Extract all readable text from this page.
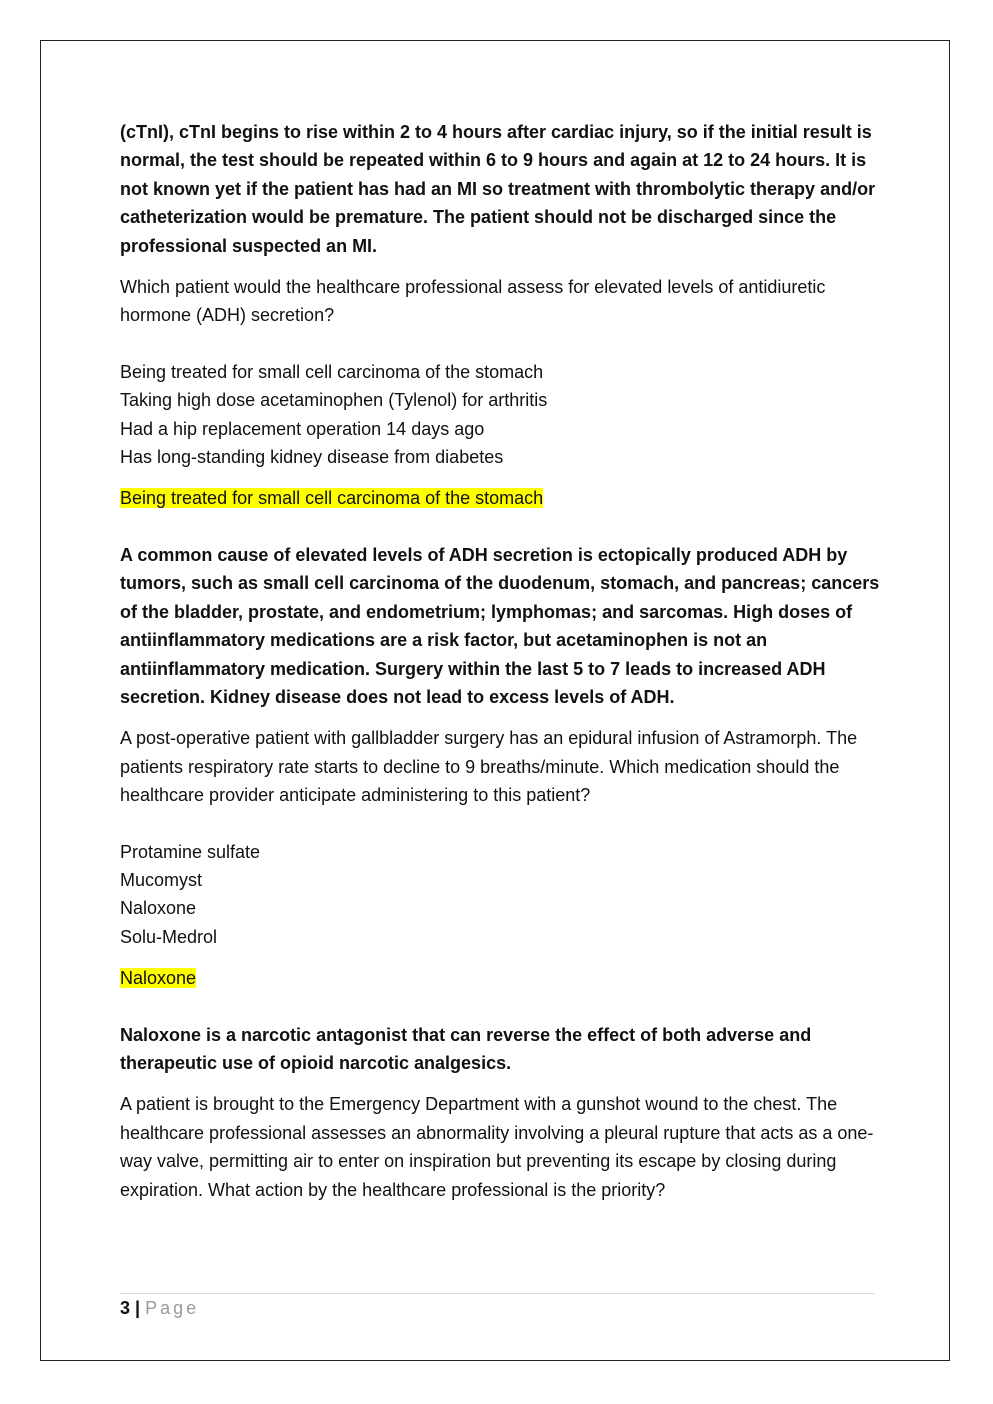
(cTnI), cTnI begins to rise within 2 to 4 hours after cardiac injury, so if the initial result is normal, the test should be repeated within 6 to 9 hours and again at 12 to 24 hours. It is not known yet if the patient has had an MI so treatment with thrombolytic therapy and/or catheterization would be premature. The patient should not be discharged since the professional suspected an MI.

Which patient would the healthcare professional assess for elevated levels of antidiuretic hormone (ADH) secretion?

Being treated for small cell carcinoma of the stomach

Taking high dose acetaminophen (Tylenol) for arthritis

Had a hip replacement operation 14 days ago

Has long-standing kidney disease from diabetes

Being treated for small cell carcinoma of the stomach

A common cause of elevated levels of ADH secretion is ectopically produced ADH by tumors, such as small cell carcinoma of the duodenum, stomach, and pancreas; cancers of the bladder, prostate, and endometrium; lymphomas; and sarcomas. High doses of antiinflammatory medications are a risk factor, but acetaminophen is not an antiinflammatory medication. Surgery within the last 5 to 7 leads to increased ADH secretion. Kidney disease does not lead to excess levels of ADH.

A post-operative patient with gallbladder surgery has an epidural infusion of Astramorph. The patients respiratory rate starts to decline to 9 breaths/minute. Which medication should the healthcare provider anticipate administering to this patient?

Protamine sulfate

Mucomyst

Naloxone

Solu-Medrol

Naloxone

Naloxone is a narcotic antagonist that can reverse the effect of both adverse and therapeutic use of opioid narcotic analgesics.

A patient is brought to the Emergency Department with a gunshot wound to the chest. The healthcare professional assesses an abnormality involving a pleural rupture that acts as a one-way valve, permitting air to enter on inspiration but preventing its escape by closing during expiration. What action by the healthcare professional is the priority?

3 | Page
